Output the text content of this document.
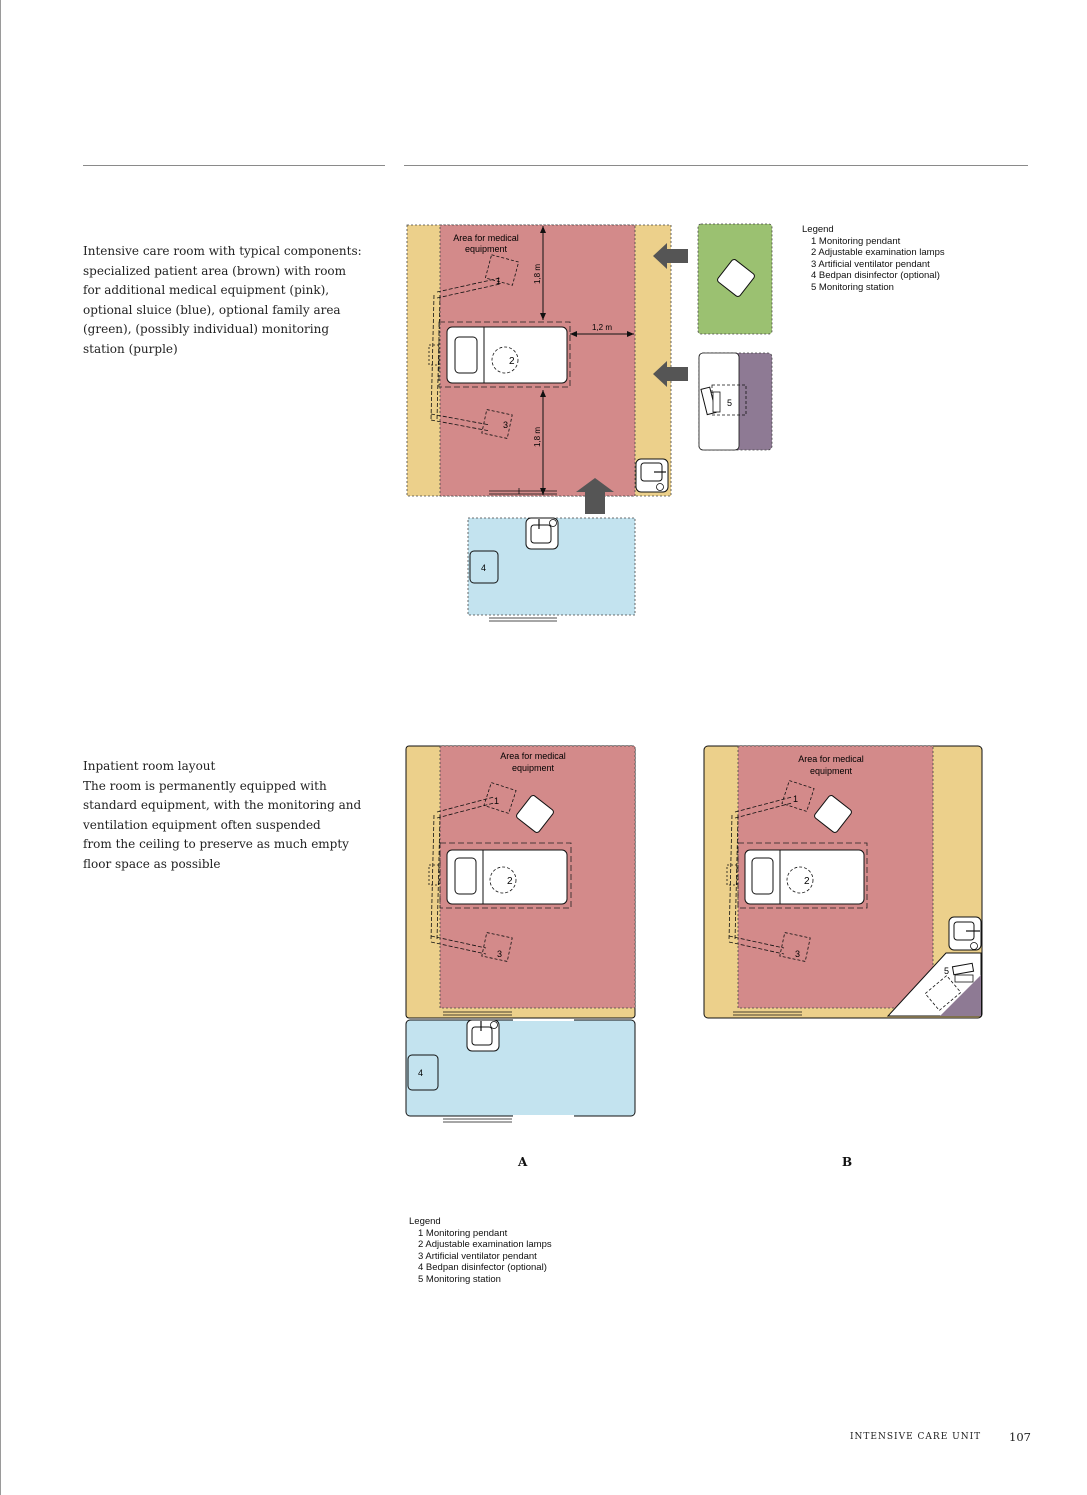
Intensive care room with typical components:
specialized patient area (brown) with room
for additional medical equipment (pink),
optional sluice (blue), optional family area
(green), (possibly individual) monitoring
station (purple)
Inpatient room layout
The room is permanently equipped with
standard equipment, with the monitoring and
ventilation equipment often suspended
from the ceiling to preserve as much empty
floor space as possible
Legend
1 Monitoring pendant
2 Adjustable examination lamps
3 Artificial ventilator pendant
4 Bedpan disinfector (optional)
5 Monitoring station
Legend
1 Monitoring pendant
2 Adjustable examination lamps
3 Artificial ventilator pendant
4 Bedpan disinfector (optional)
5 Monitoring station
Area for medical
equipment
1,8 m
1,8 m
1,2 m
2
1
3
5
4
Area for medical
equipment
2
1
3
4
Area for medical
equipment
2
1
3
5
A	B
INTENSIVE CARE UNIT 107
